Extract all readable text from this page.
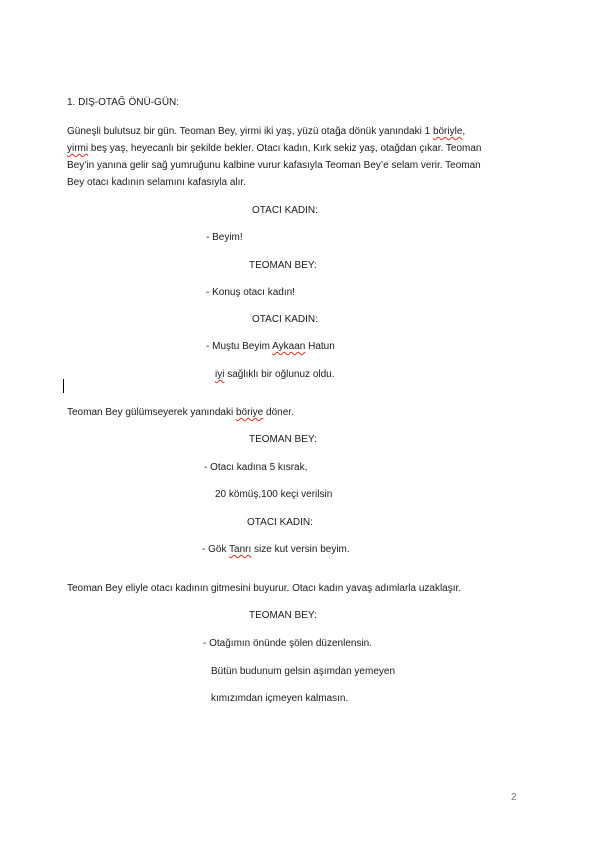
1. DIŞ-OTAĞ ÖNÜ-GÜN:
Güneşli bulutsuz bir gün. Teoman Bey, yirmi iki yaş, yüzü otağa dönük yanındaki 1 böriyle,
yirmi beş yaş, heyecanlı bir şekilde bekler. Otacı kadın, Kırk sekiz yaş, otağdan çıkar. Teoman
Bey’in yanına gelir sağ yumruğunu kalbine vurur kafasıyla Teoman Bey’e selam verir. Teoman
Bey otacı kadının selamını kafasıyla alır.
OTACI KADIN:
- Beyim!
TEOMAN BEY:
- Konuş otacı kadın!
OTACI KADIN:
- Muştu Beyim Aykaan Hatun
iyi sağlıklı bir oğlunuz oldu.
Teoman Bey gülümseyerek yanındaki böriye döner.
TEOMAN BEY:
- Otacı kadına 5 kısrak,
20 kömüş,100 keçi verilsin
OTACI KADIN:
- Gök Tanrı size kut versin beyim.
Teoman Bey eliyle otacı kadının gitmesini buyurur. Otacı kadın yavaş adımlarla uzaklaşır.
TEOMAN BEY:
- Otağımın önünde şölen düzenlensin.
Bütün budunum gelsin aşımdan yemeyen
kımızımdan içmeyen kalmasın.
2
